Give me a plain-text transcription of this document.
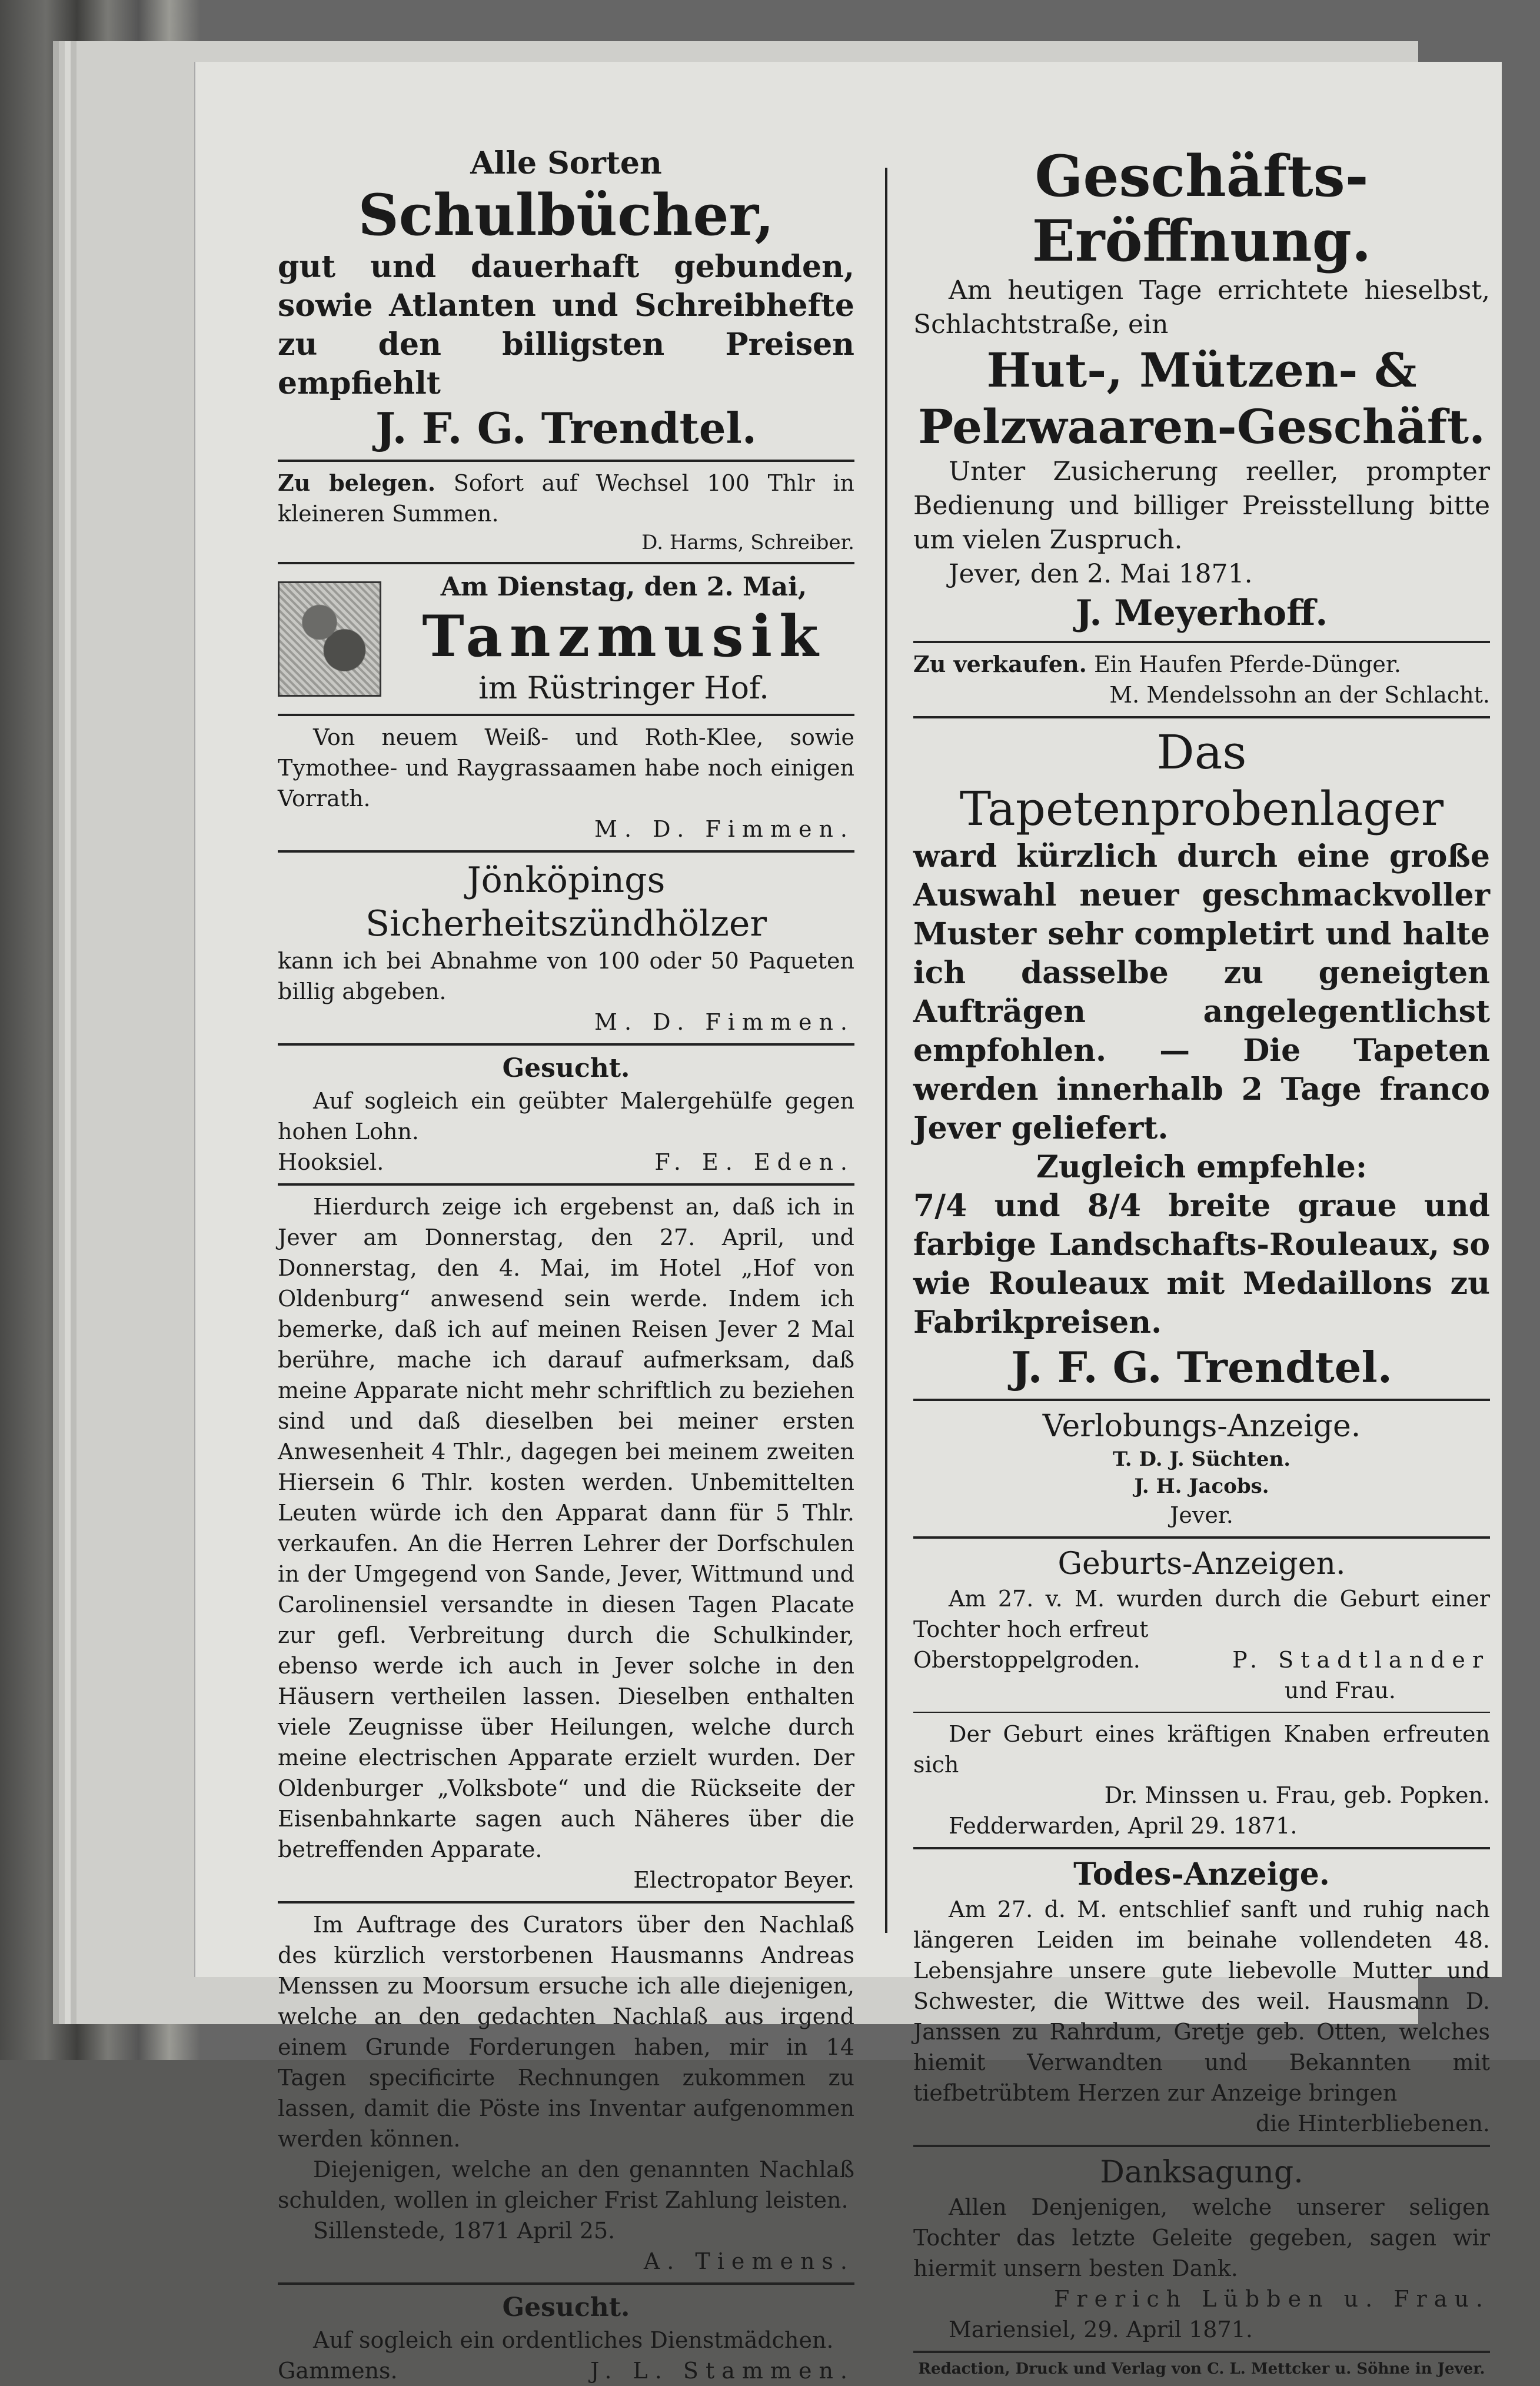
Alle Sorten

Schulbücher,

gut und dauerhaft gebunden, sowie Atlanten und Schreibhefte zu den billigsten Preisen empfiehlt

J. F. G. Trendtel.

Zu belegen. Sofort auf Wechsel 100 Thlr in kleineren Summen.

D. Harms, Schreiber.

Am Dienstag, den 2. Mai,

Tanzmusik

im Rüstringer Hof.

Von neuem Weiß- und Roth-Klee, sowie Tymothee- und Raygrassaamen habe noch einigen Vorrath.

M. D. Fimmen.

Jönköpings Sicherheitszündhölzer

kann ich bei Abnahme von 100 oder 50 Paqueten billig abgeben.

M. D. Fimmen.

Gesucht.

Auf sogleich ein geübter Malergehülfe gegen hohen Lohn.

Hooksiel.	F. E. Eden.

Hierdurch zeige ich ergebenst an, daß ich in Jever am Donnerstag, den 27. April, und Donnerstag, den 4. Mai, im Hotel „Hof von Oldenburg“ anwesend sein werde. Indem ich bemerke, daß ich auf meinen Reisen Jever 2 Mal berühre, mache ich darauf aufmerksam, daß meine Apparate nicht mehr schriftlich zu beziehen sind und daß dieselben bei meiner ersten Anwesenheit 4 Thlr., dagegen bei meinem zweiten Hiersein 6 Thlr. kosten werden. Unbemittelten Leuten würde ich den Apparat dann für 5 Thlr. verkaufen. An die Herren Lehrer der Dorfschulen in der Umgegend von Sande, Jever, Wittmund und Carolinensiel versandte in diesen Tagen Placate zur gefl. Verbreitung durch die Schulkinder, ebenso werde ich auch in Jever solche in den Häusern vertheilen lassen. Dieselben enthalten viele Zeugnisse über Heilungen, welche durch meine electrischen Apparate erzielt wurden. Der Oldenburger „Volksbote“ und die Rückseite der Eisenbahnkarte sagen auch Näheres über die betreffenden Apparate.

Electropator Beyer.

Im Auftrage des Curators über den Nachlaß des kürzlich verstorbenen Hausmanns Andreas Menssen zu Moorsum ersuche ich alle diejenigen, welche an den gedachten Nachlaß aus irgend einem Grunde Forderungen haben, mir in 14 Tagen specificirte Rechnungen zukommen zu lassen, damit die Pöste ins Inventar aufgenommen werden können.

Diejenigen, welche an den genannten Nachlaß schulden, wollen in gleicher Frist Zahlung leisten.

Sillenstede, 1871 April 25.

A. Tiemens.

Gesucht.

Auf sogleich ein ordentliches Dienstmädchen.

Gammens.	J. L. Stammen.

Geschäfts-Eröffnung.

Am heutigen Tage errichtete hieselbst, Schlachtstraße, ein

Hut-, Mützen- & Pelzwaaren-Geschäft.

Unter Zusicherung reeller, prompter Bedienung und billiger Preisstellung bitte um vielen Zuspruch.

Jever, den 2. Mai 1871.

J. Meyerhoff.

Zu verkaufen. Ein Haufen Pferde-Dünger.

M. Mendelssohn an der Schlacht.

Das Tapetenprobenlager

ward kürzlich durch eine große Auswahl neuer geschmackvoller Muster sehr completirt und halte ich dasselbe zu geneigten Aufträgen angelegentlichst empfohlen. — Die Tapeten werden innerhalb 2 Tage franco Jever geliefert.

Zugleich empfehle:

7/4 und 8/4 breite graue und farbige Landschafts-Rouleaux, so wie Rouleaux mit Medaillons zu Fabrikpreisen.

J. F. G. Trendtel.

Verlobungs-Anzeige.

T. D. J. Süchten.

J. H. Jacobs.

Jever.

Geburts-Anzeigen.

Am 27. v. M. wurden durch die Geburt einer Tochter hoch erfreut

Oberstoppelgroden.	P. Stadtlander

und Frau.

Der Geburt eines kräftigen Knaben erfreuten sich

Dr. Minssen u. Frau, geb. Popken.

Fedderwarden, April 29. 1871.

Todes-Anzeige.

Am 27. d. M. entschlief sanft und ruhig nach längeren Leiden im beinahe vollendeten 48. Lebensjahre unsere gute liebevolle Mutter und Schwester, die Wittwe des weil. Hausmann D. Janssen zu Rahrdum, Gretje geb. Otten, welches hiemit Verwandten und Bekannten mit tiefbetrübtem Herzen zur Anzeige bringen

die Hinterbliebenen.

Danksagung.

Allen Denjenigen, welche unserer seligen Tochter das letzte Geleite gegeben, sagen wir hiermit unsern besten Dank.

Frerich Lübben u. Frau.

Mariensiel, 29. April 1871.

Redaction, Druck und Verlag von C. L. Mettcker u. Söhne in Jever.
